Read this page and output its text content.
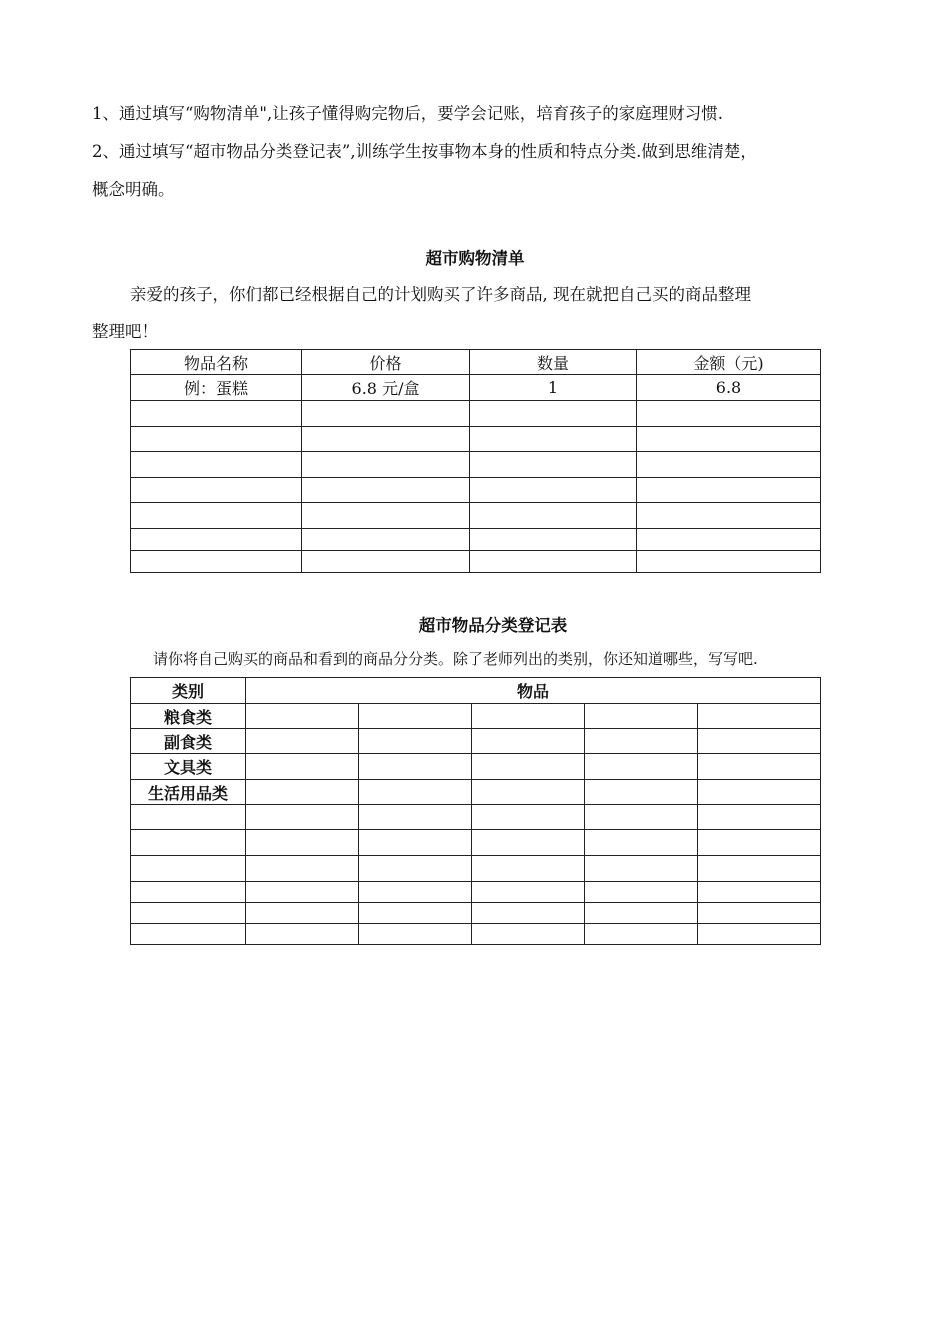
1、通过填写“购物清单",让孩子懂得购完物后，要学会记账，培育孩子的家庭理财习惯.
2、通过填写“超市物品分类登记表”,训练学生按事物本身的性质和特点分类.做到思维清楚，
概念明确。
超市购物清单
亲爱的孩子，你们都已经根据自己的计划购买了许多商品, 现在就把自己买的商品整理
整理吧！
物品名称	价格	数量	金额（元)
例：蛋糕	6.8 元/盒	1	6.8

超市物品分类登记表
请你将自己购买的商品和看到的商品分分类。除了老师列出的类别，你还知道哪些，写写吧.
类别	物品				
粮食类					
副食类					
文具类					
生活用品类					
